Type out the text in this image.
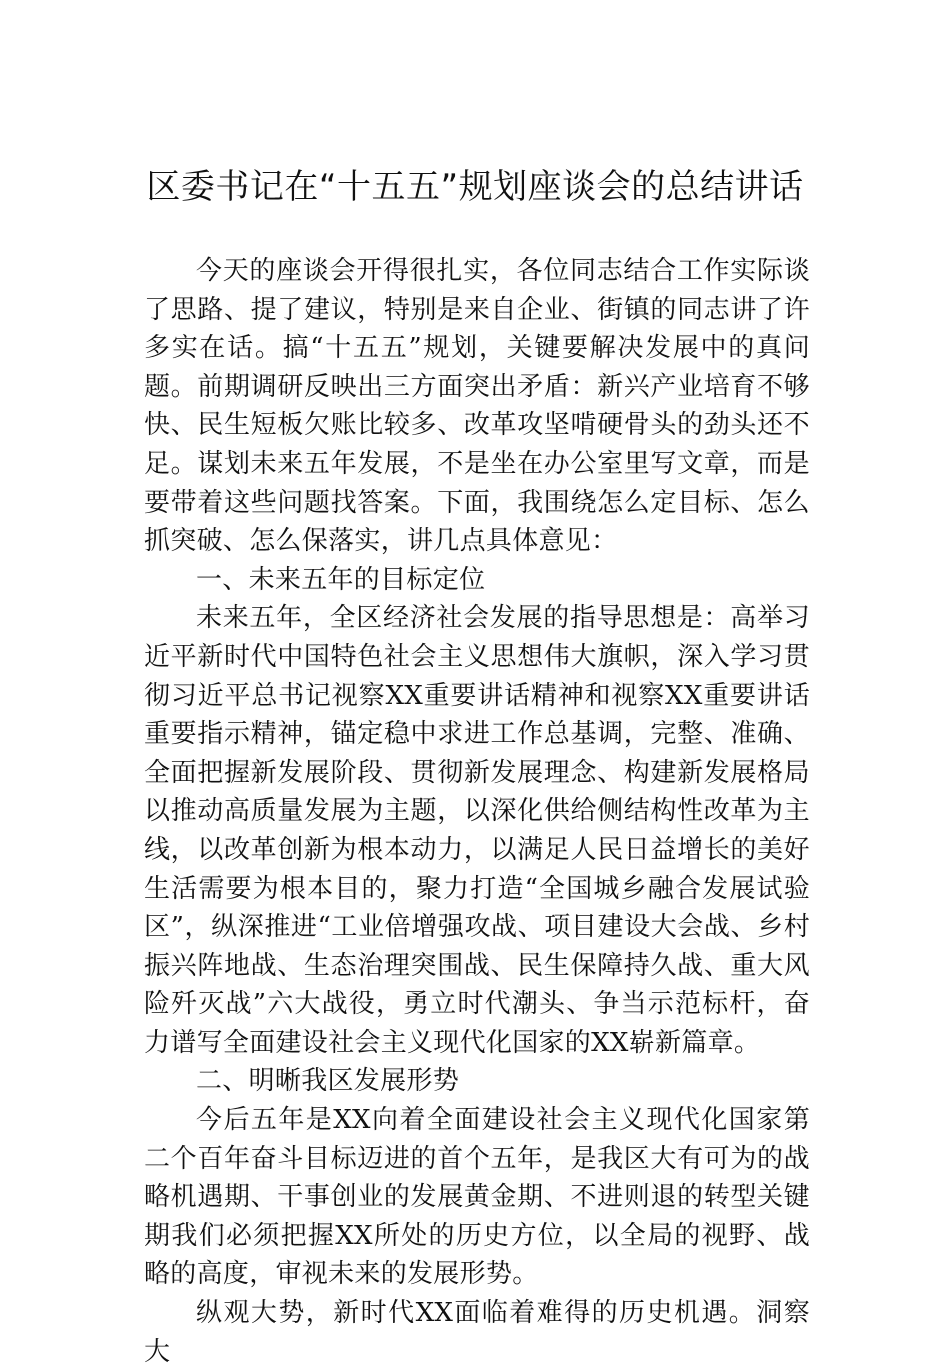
区委书记在“十五五”规划座谈会的总结讲话

今天的座谈会开得很扎实，各位同志结合工作实际谈了思路、提了建议，特别是来自企业、街镇的同志讲了许多实在话。搞“十五五”规划，关键要解决发展中的真问题。前期调研反映出三方面突出矛盾：新兴产业培育不够快、民生短板欠账比较多、改革攻坚啃硬骨头的劲头还不足。谋划未来五年发展，不是坐在办公室里写文章，而是要带着这些问题找答案。下面，我围绕怎么定目标、怎么抓突破、怎么保落实，讲几点具体意见：

一、未来五年的目标定位

未来五年，全区经济社会发展的指导思想是：高举习近平新时代中国特色社会主义思想伟大旗帜，深入学习贯彻习近平总书记视察XX重要讲话精神和视察XX重要讲话重要指示精神，锚定稳中求进工作总基调，完整、准确、全面把握新发展阶段、贯彻新发展理念、构建新发展格局以推动高质量发展为主题，以深化供给侧结构性改革为主线，以改革创新为根本动力，以满足人民日益增长的美好生活需要为根本目的，聚力打造“全国城乡融合发展试验区”，纵深推进“工业倍增强攻战、项目建设大会战、乡村振兴阵地战、生态治理突围战、民生保障持久战、重大风险歼灭战”六大战役，勇立时代潮头、争当示范标杆，奋力谱写全面建设社会主义现代化国家的XX崭新篇章。

二、明晰我区发展形势

今后五年是XX向着全面建设社会主义现代化国家第二个百年奋斗目标迈进的首个五年，是我区大有可为的战略机遇期、干事创业的发展黄金期、不进则退的转型关键期我们必须把握XX所处的历史方位，以全局的视野、战略的高度，审视未来的发展形势。

纵观大势，新时代XX面临着难得的历史机遇。洞察大
